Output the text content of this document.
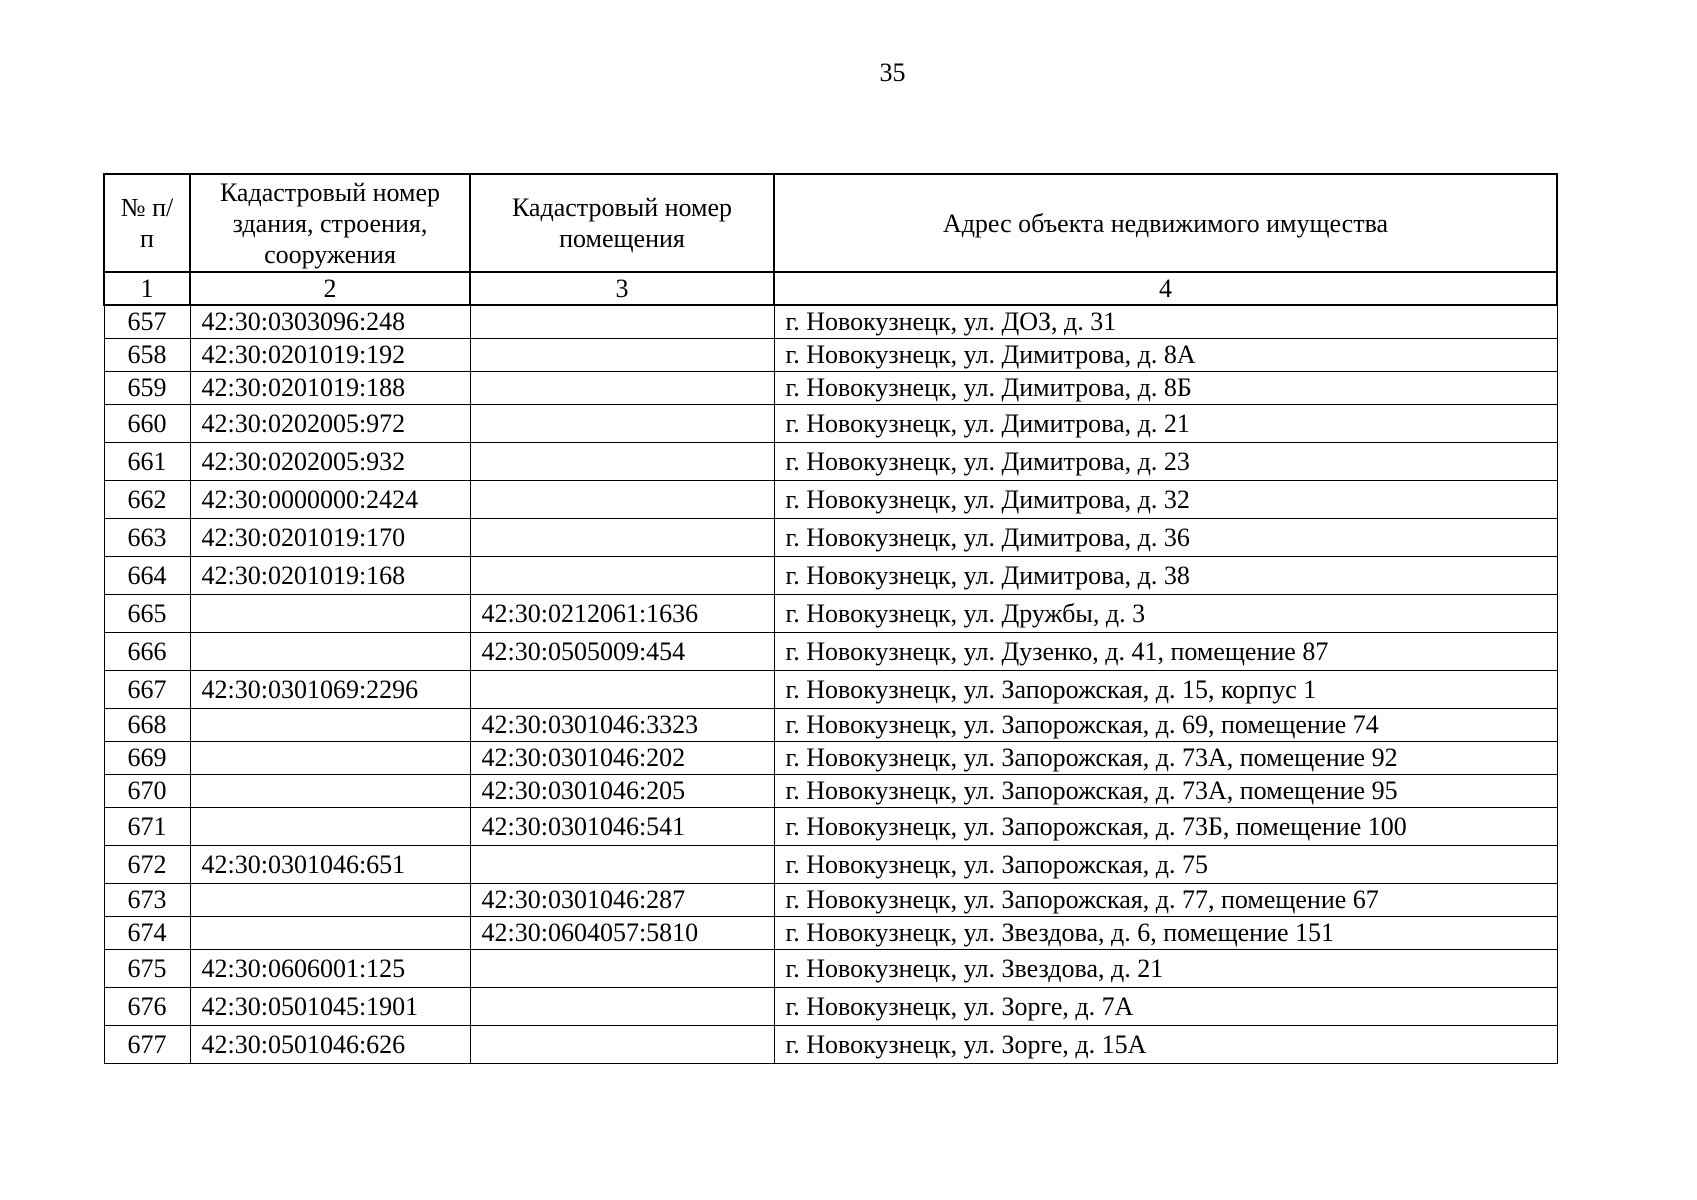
35
№ п/п	Кадастровый номер здания, строения, сооружения	Кадастровый номер помещения	Адрес объекта недвижимого имущества
1	2	3	4
657	42:30:0303096:248		г. Новокузнецк, ул. ДОЗ, д. 31
658	42:30:0201019:192		г. Новокузнецк, ул. Димитрова, д. 8А
659	42:30:0201019:188		г. Новокузнецк, ул. Димитрова, д. 8Б
660	42:30:0202005:972		г. Новокузнецк, ул. Димитрова, д. 21
661	42:30:0202005:932		г. Новокузнецк, ул. Димитрова, д. 23
662	42:30:0000000:2424		г. Новокузнецк, ул. Димитрова, д. 32
663	42:30:0201019:170		г. Новокузнецк, ул. Димитрова, д. 36
664	42:30:0201019:168		г. Новокузнецк, ул. Димитрова, д. 38
665		42:30:0212061:1636	г. Новокузнецк, ул. Дружбы, д. 3
666		42:30:0505009:454	г. Новокузнецк, ул. Дузенко, д. 41, помещение 87
667	42:30:0301069:2296		г. Новокузнецк, ул. Запорожская, д. 15, корпус 1
668		42:30:0301046:3323	г. Новокузнецк, ул. Запорожская, д. 69, помещение 74
669		42:30:0301046:202	г. Новокузнецк, ул. Запорожская, д. 73А, помещение 92
670		42:30:0301046:205	г. Новокузнецк, ул. Запорожская, д. 73А, помещение 95
671		42:30:0301046:541	г. Новокузнецк, ул. Запорожская, д. 73Б, помещение 100
672	42:30:0301046:651		г. Новокузнецк, ул. Запорожская, д. 75
673		42:30:0301046:287	г. Новокузнецк, ул. Запорожская, д. 77, помещение 67
674		42:30:0604057:5810	г. Новокузнецк, ул. Звездова, д. 6, помещение 151
675	42:30:0606001:125		г. Новокузнецк, ул. Звездова, д. 21
676	42:30:0501045:1901		г. Новокузнецк, ул. Зорге, д. 7А
677	42:30:0501046:626		г. Новокузнецк, ул. Зорге, д. 15А
